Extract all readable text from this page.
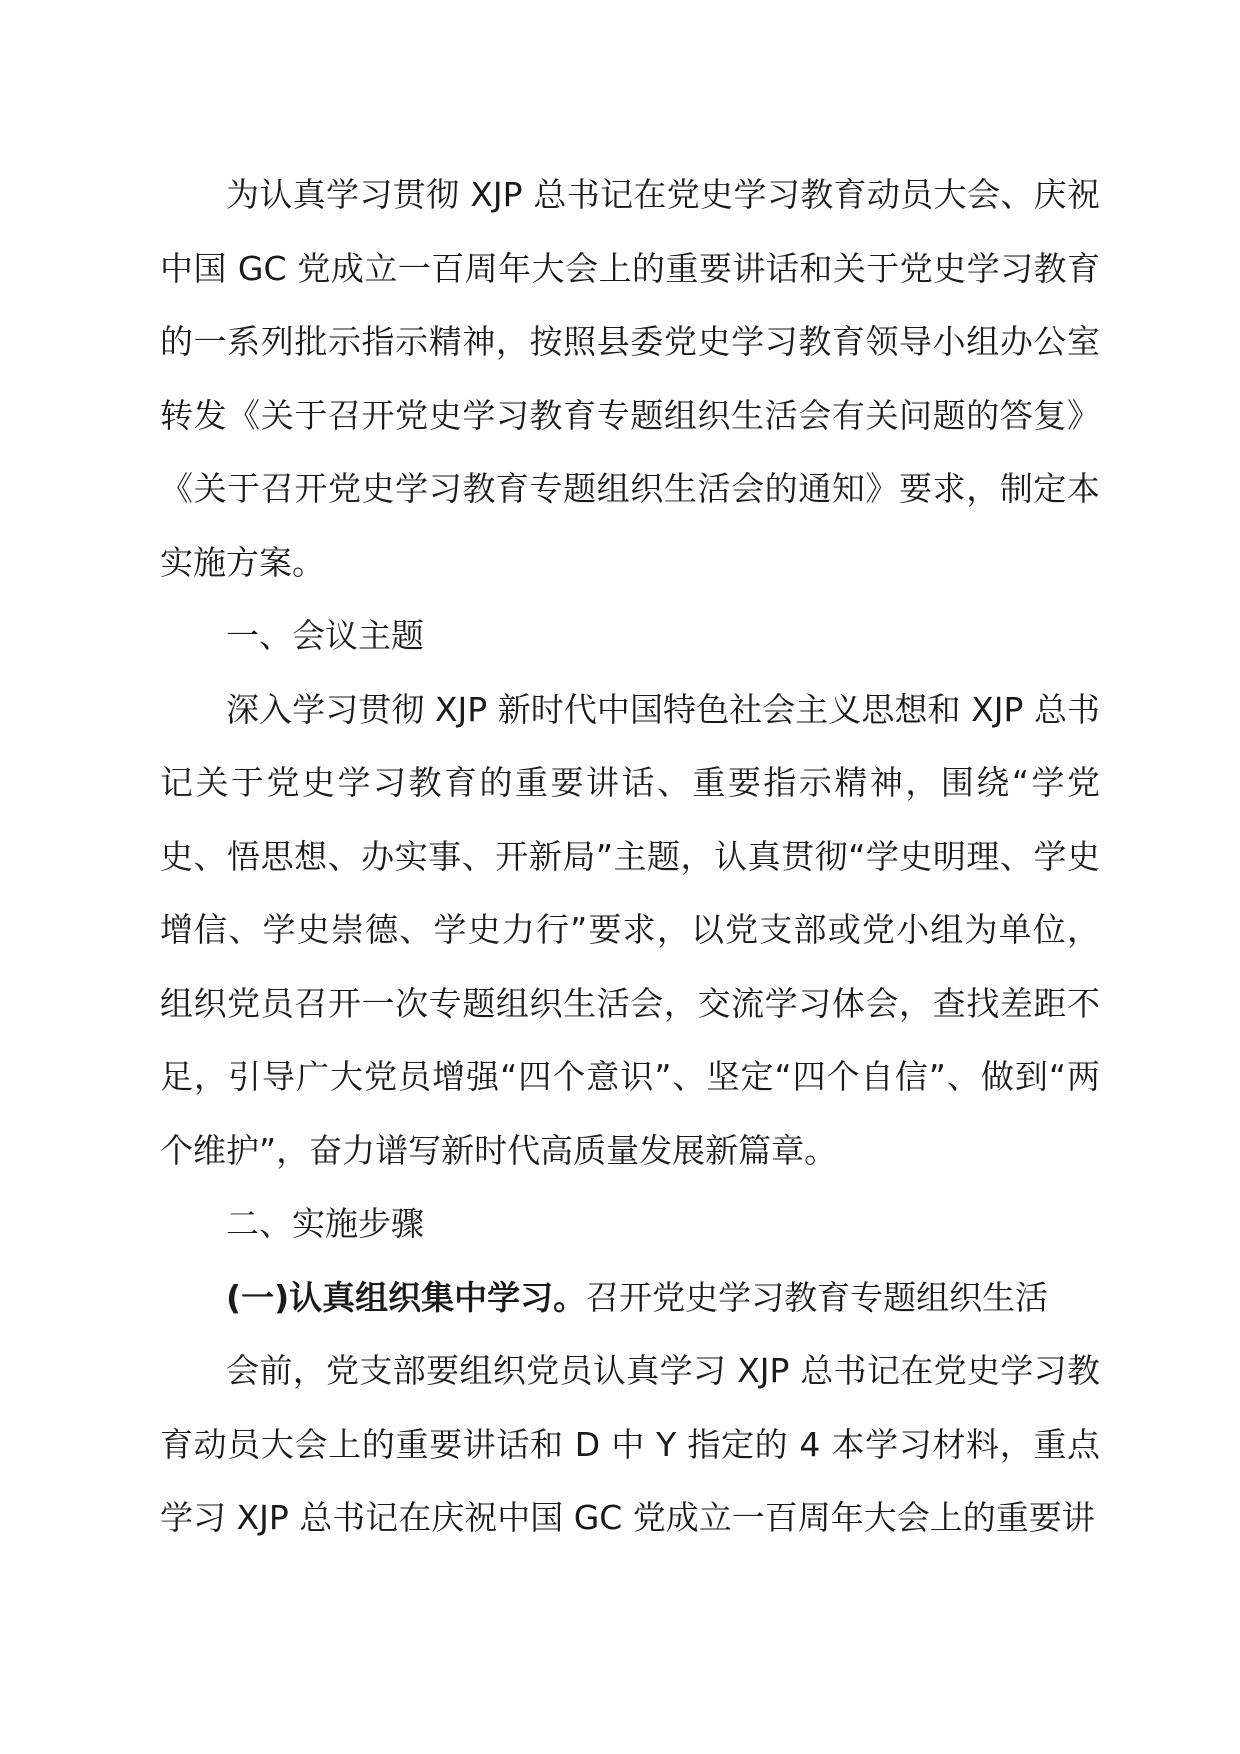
为认真学习贯彻 XJP 总书记在党史学习教育动员大会、庆祝中国 GC 党成立一百周年大会上的重要讲话和关于党史学习教育的一系列批示指示精神，按照县委党史学习教育领导小组办公室转发《关于召开党史学习教育专题组织生活会有关问题的答复》《关于召开党史学习教育专题组织生活会的通知》要求，制定本实施方案。

一、会议主题

深入学习贯彻 XJP 新时代中国特色社会主义思想和 XJP 总书记关于党史学习教育的重要讲话、重要指示精神，围绕“学党史、悟思想、办实事、开新局”主题，认真贯彻“学史明理、学史增信、学史崇德、学史力行”要求，以党支部或党小组为单位，组织党员召开一次专题组织生活会，交流学习体会，查找差距不足，引导广大党员增强“四个意识”、坚定“四个自信”、做到“两个维护”，奋力谱写新时代高质量发展新篇章。

二、实施步骤

(一)认真组织集中学习。召开党史学习教育专题组织生活

会前，党支部要组织党员认真学习 XJP 总书记在党史学习教育动员大会上的重要讲话和 D 中 Y 指定的 4 本学习材料，重点学习 XJP 总书记在庆祝中国 GC 党成立一百周年大会上的重要讲
